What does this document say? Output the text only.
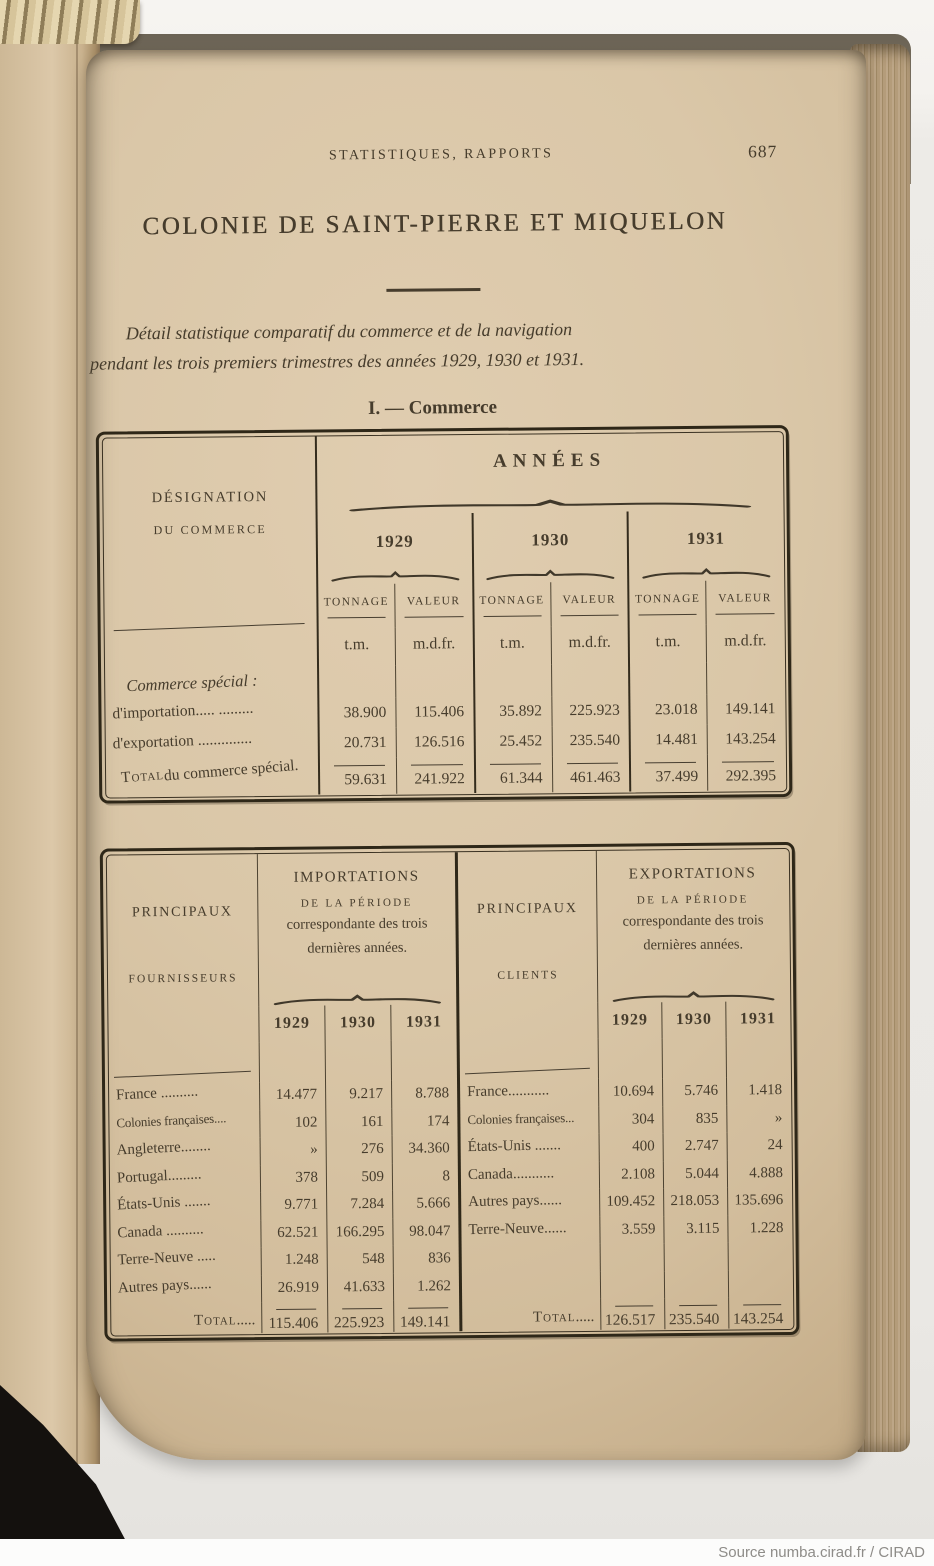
STATISTIQUES, RAPPORTS	687
COLONIE DE SAINT-PIERRE ET MIQUELON
Détail statistique comparatif du commerce et de la navigation
pendant les trois premiers trimestres des années 1929, 1930 et 1931.
I. — Commerce
DÉSIGNATION
DU COMMERCE
ANNÉES
1929	1930	1931
TONNAGE	VALEUR	TONNAGE	VALEUR	TONNAGE	VALEUR
t.m.	m.d.fr.	t.m.	m.d.fr.	t.m.	m.d.fr.
Commerce spécial :
d'importation..... .........	38.900	115.406	35.892	225.923	23.018	149.141
d'exportation ..............	20.731	126.516	25.452	235.540	14.481	143.254
Totaldu commerce spécial.	59.631	241.922	61.344	461.463	37.499	292.395
PRINCIPAUX
FOURNISSEURS
IMPORTATIONS
DE LA PÉRIODE
correspondante des trois
dernières années.
1929	1930	1931
France ..........	14.477	9.217	8.788
Colonies françaises....	102	161	174
Angleterre........	»	276	34.360
Portugal.........	378	509	8
États-Unis .......	9.771	7.284	5.666
Canada ..........	62.521	166.295	98.047
Terre-Neuve .....	1.248	548	836
Autres pays......	26.919	41.633	1.262
Total..... 115.406 225.923 149.141
PRINCIPAUX
CLIENTS
EXPORTATIONS
DE LA PÉRIODE
correspondante des trois
dernières années.
1929	1930	1931
France...........	10.694	5.746	1.418
Colonies françaises...	304	835	»
États-Unis .......	400	2.747	24
Canada...........	2.108	5.044	4.888
Autres pays......	109.452	218.053	135.696
Terre-Neuve......	3.559	3.115	1.228
Total..... 126.517 235.540 143.254
Source numba.cirad.fr / CIRAD
